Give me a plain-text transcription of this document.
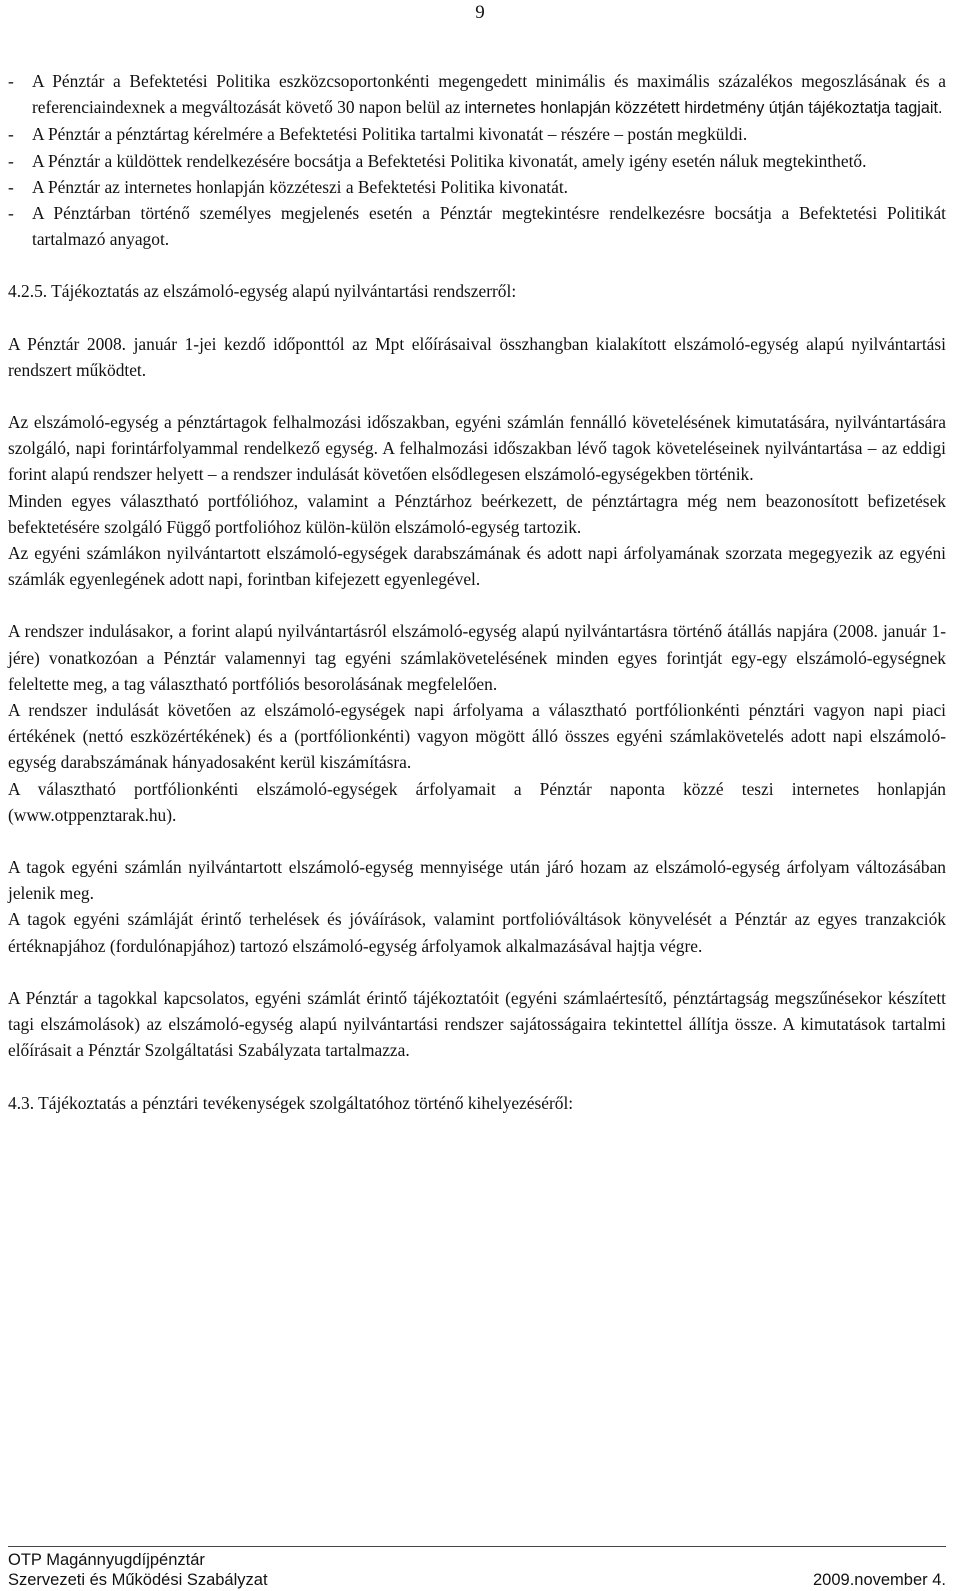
9
-	A Pénztár a Befektetési Politika eszközcsoportonkénti megengedett minimális és maximális százalékos megoszlásának és a referenciaindexnek a megváltozását követő 30 napon belül az internetes honlapján közzétett hirdetmény útján tájékoztatja tagjait.
-	A Pénztár a pénztártag kérelmére a Befektetési Politika tartalmi kivonatát – részére – postán megküldi.
-	A Pénztár a küldöttek rendelkezésére bocsátja a Befektetési Politika kivonatát, amely igény esetén náluk megtekinthető.
-	A Pénztár az internetes honlapján közzéteszi a Befektetési Politika kivonatát.
-	A Pénztárban történő személyes megjelenés esetén a Pénztár megtekintésre rendelkezésre bocsátja a Befektetési Politikát tartalmazó anyagot.

4.2.5. Tájékoztatás az elszámoló-egység alapú nyilvántartási rendszerről:

A Pénztár 2008. január 1-jei kezdő időponttól az Mpt előírásaival összhangban kialakított elszámoló-egység alapú nyilvántartási rendszert működtet.

Az elszámoló-egység a pénztártagok felhalmozási időszakban, egyéni számlán fennálló követelésének kimutatására, nyilvántartására szolgáló, napi forintárfolyammal rendelkező egység. A felhalmozási időszakban lévő tagok követeléseinek nyilvántartása – az eddigi forint alapú rendszer helyett – a rendszer indulását követően elsődlegesen elszámoló-egységekben történik.

Minden egyes választható portfólióhoz, valamint a Pénztárhoz beérkezett, de pénztártagra még nem beazonosított befizetések befektetésére szolgáló Függő portfolióhoz külön-külön elszámoló-egység tartozik.

Az egyéni számlákon nyilvántartott elszámoló-egységek darabszámának és adott napi árfolyamának szorzata megegyezik az egyéni számlák egyenlegének adott napi, forintban kifejezett egyenlegével.

A rendszer indulásakor, a forint alapú nyilvántartásról elszámoló-egység alapú nyilvántartásra történő átállás napjára (2008. január 1-jére) vonatkozóan a Pénztár valamennyi tag egyéni számlakövetelésének minden egyes forintját egy-egy elszámoló-egységnek feleltette meg, a tag választható portfóliós besorolásának megfelelően.

A rendszer indulását követően az elszámoló-egységek napi árfolyama a választható portfólionkénti pénztári vagyon napi piaci értékének (nettó eszközértékének) és a (portfólionkénti) vagyon mögött álló összes egyéni számlakövetelés adott napi elszámoló-egység darabszámának hányadosaként kerül kiszámításra.

A választható portfólionkénti elszámoló-egységek árfolyamait a Pénztár naponta közzé teszi internetes honlapján (www.otppenztarak.hu).

A tagok egyéni számlán nyilvántartott elszámoló-egység mennyisége után járó hozam az elszámoló-egység árfolyam változásában jelenik meg.

A tagok egyéni számláját érintő terhelések és jóváírások, valamint portfolióváltások könyvelését a Pénztár az egyes tranzakciók értéknapjához (fordulónapjához) tartozó elszámoló-egység árfolyamok alkalmazásával hajtja végre.

A Pénztár a tagokkal kapcsolatos, egyéni számlát érintő tájékoztatóit (egyéni számlaértesítő, pénztártagság megszűnésekor készített tagi elszámolások) az elszámoló-egység alapú nyilvántartási rendszer sajátosságaira tekintettel állítja össze. A kimutatások tartalmi előírásait a Pénztár Szolgáltatási Szabályzata tartalmazza.

4.3. Tájékoztatás a pénztári tevékenységek szolgáltatóhoz történő kihelyezéséről:

OTP Magánnyugdíjpénztár
Szervezeti és Működési Szabályzat	2009.november 4.
